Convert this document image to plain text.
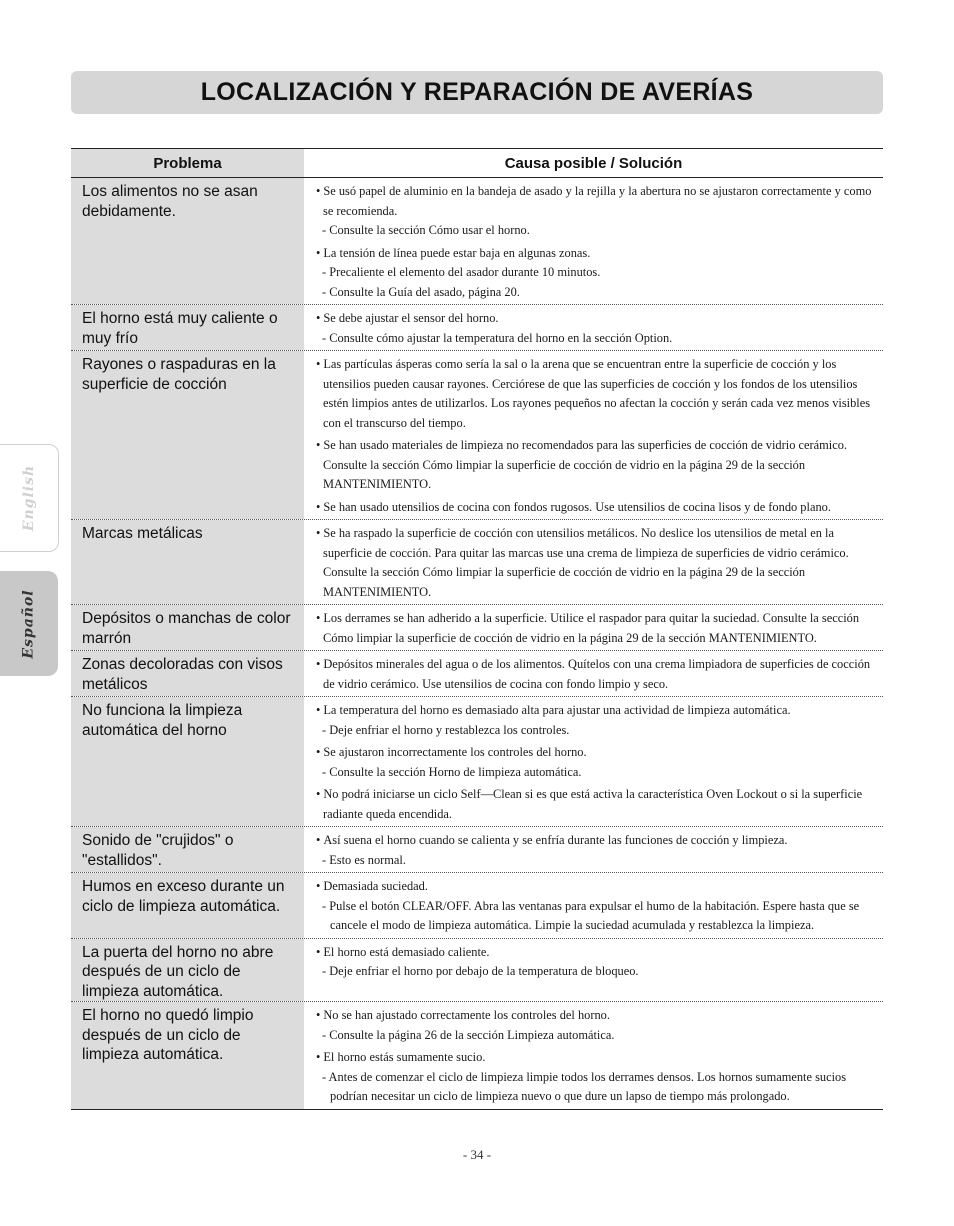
LOCALIZACIÓN Y REPARACIÓN DE AVERÍAS
English
Español
Problema	Causa posible / Solución
Los alimentos no se asan debidamente.
• Se usó papel de aluminio en la bandeja de asado y la rejilla y la abertura no se ajustaron correctamente y como se recomienda.
- Consulte la sección Cómo usar el horno.
• La tensión de línea puede estar baja en algunas zonas.
- Precaliente el elemento del asador durante 10 minutos.
- Consulte la Guía del asado, página 20.
El horno está muy caliente o muy frío
• Se debe ajustar el sensor del horno.
- Consulte cómo ajustar la temperatura del horno en la sección Option.
Rayones o raspaduras en la superficie de cocción
• Las partículas ásperas como sería la sal o la arena que se encuentran entre la superficie de cocción y los utensilios pueden causar rayones. Cerciórese de que las superficies de cocción y los fondos de los utensilios estén limpios antes de utilizarlos. Los rayones pequeños no afectan la cocción y serán cada vez menos visibles con el transcurso del tiempo.
• Se han usado materiales de limpieza no recomendados para las superficies de cocción de vidrio cerámico. Consulte la sección Cómo limpiar la superficie de cocción de vidrio en la página 29 de la sección MANTENIMIENTO.
• Se han usado utensilios de cocina con fondos rugosos. Use utensilios de cocina lisos y de fondo plano.
Marcas metálicas
•	Se ha raspado la superficie de cocción con utensilios metálicos. No deslice los utensilios de metal en la superficie de cocción. Para quitar las marcas use una crema de limpieza de superficies de vidrio cerámico. Consulte la sección Cómo limpiar la superficie de cocción de vidrio en la página 29 de la sección MANTENIMIENTO.
Depósitos o manchas de color marrón
• Los derrames se han adherido a la superficie. Utilice el raspador para quitar la suciedad. Consulte la sección Cómo limpiar la superficie de cocción de vidrio en la página 29 de la sección MANTENIMIENTO.
Zonas decoloradas con visos metálicos
• Depósitos minerales del agua o de los alimentos. Quítelos con una crema limpiadora de superficies de cocción de vidrio cerámico. Use utensilios de cocina con fondo limpio y seco.
No funciona la limpieza automática del horno
• La temperatura del horno es demasiado alta para ajustar una actividad de limpieza automática.
- Deje enfriar el horno y restablezca los controles.
• Se ajustaron incorrectamente los controles del horno.
- Consulte la sección Horno de limpieza automática.
• No podrá iniciarse un ciclo Self—Clean si es que está activa la característica Oven Lockout o si la superficie radiante queda encendida.
Sonido de "crujidos" o "estallidos".
• Así suena el horno cuando se calienta y se enfría durante las funciones de cocción y limpieza.
- Esto es normal.
Humos en exceso durante un ciclo de limpieza automática.
• Demasiada suciedad.
- Pulse el botón CLEAR/OFF. Abra las ventanas para expulsar el humo de la habitación. Espere hasta que se cancele el modo de limpieza automática. Limpie la suciedad acumulada y restablezca la limpieza.
La puerta del horno no abre después de un ciclo de limpieza automática.
• El horno está demasiado caliente.
- Deje enfriar el horno por debajo de la temperatura de bloqueo.
El horno no quedó limpio después de un ciclo de limpieza automática.
• No se han ajustado correctamente los controles del horno.
- Consulte la página 26 de la sección Limpieza automática.
• El horno estás sumamente sucio.
- Antes de comenzar el ciclo de limpieza limpie todos los derrames densos. Los hornos sumamente sucios podrían necesitar un ciclo de limpieza nuevo o que dure un lapso de tiempo más prolongado.
- 34 -
